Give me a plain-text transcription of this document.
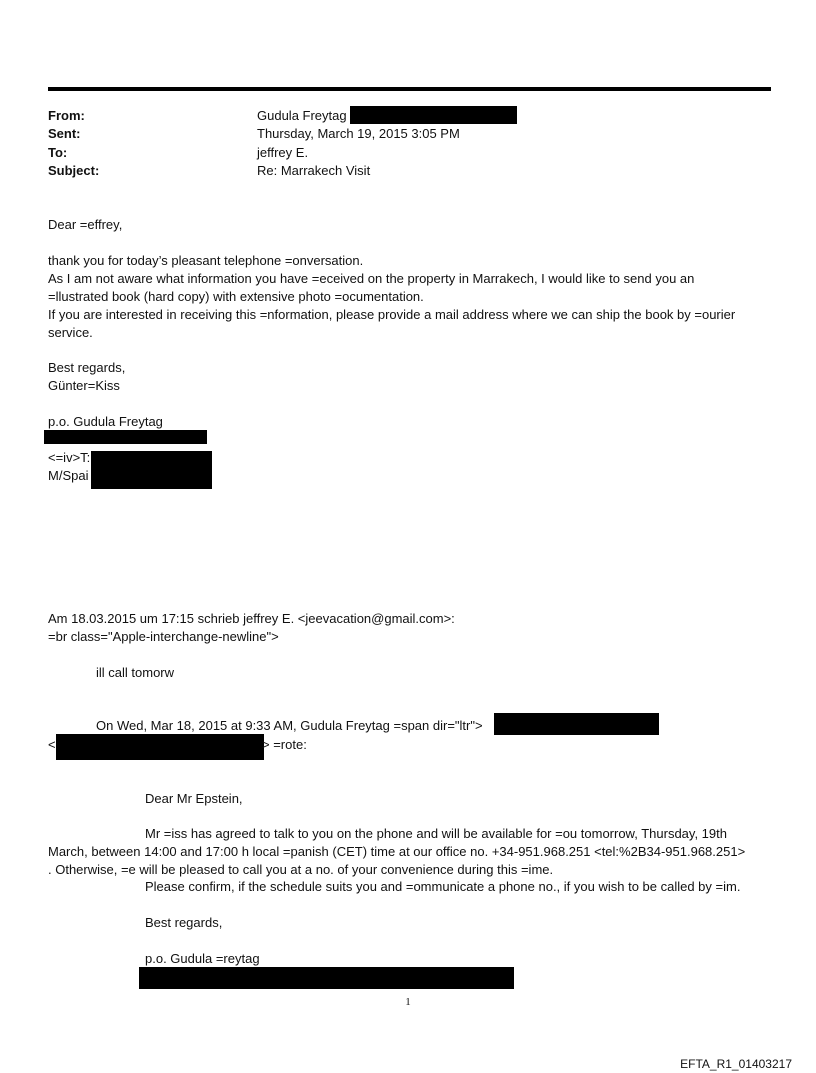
From:	Gudula Freytag
Sent:	Thursday, March 19, 2015 3:05 PM
To:	jeffrey E.
Subject:	Re: Marrakech Visit
Dear =effrey,
thank you for today’s pleasant telephone =onversation.
As I am not aware what information you have =eceived on the property in Marrakech, I would like to send you an
=llustrated book (hard copy) with extensive photo =ocumentation.
If you are interested in receiving this =nformation, please provide a mail address where we can ship the book by =ourier
service.
Best regards,
Günter=Kiss
p.o. Gudula Freytag
<=iv>T:
M/Spai
Am 18.03.2015 um 17:15 schrieb jeffrey E. <jeevacation@gmail.com>:
=br class="Apple-interchange-newline">
ill call tomorw
On Wed, Mar 18, 2015 at 9:33 AM, Gudula Freytag =span dir="ltr">
<	> =rote:
Dear Mr Epstein,
Mr =iss has agreed to talk to you on the phone and will be available for =ou tomorrow, Thursday, 19th
March, between 14:00 and 17:00 h local =panish (CET) time at our office no. +34-951.968.251 <tel:%2B34-951.968.251>
. Otherwise, =e will be pleased to call you at a no. of your convenience during this =ime.
Please confirm, if the schedule suits you and =ommunicate a phone no., if you wish to be called by =im.
Best regards,
p.o. Gudula =reytag
1
EFTA_R1_01403217
